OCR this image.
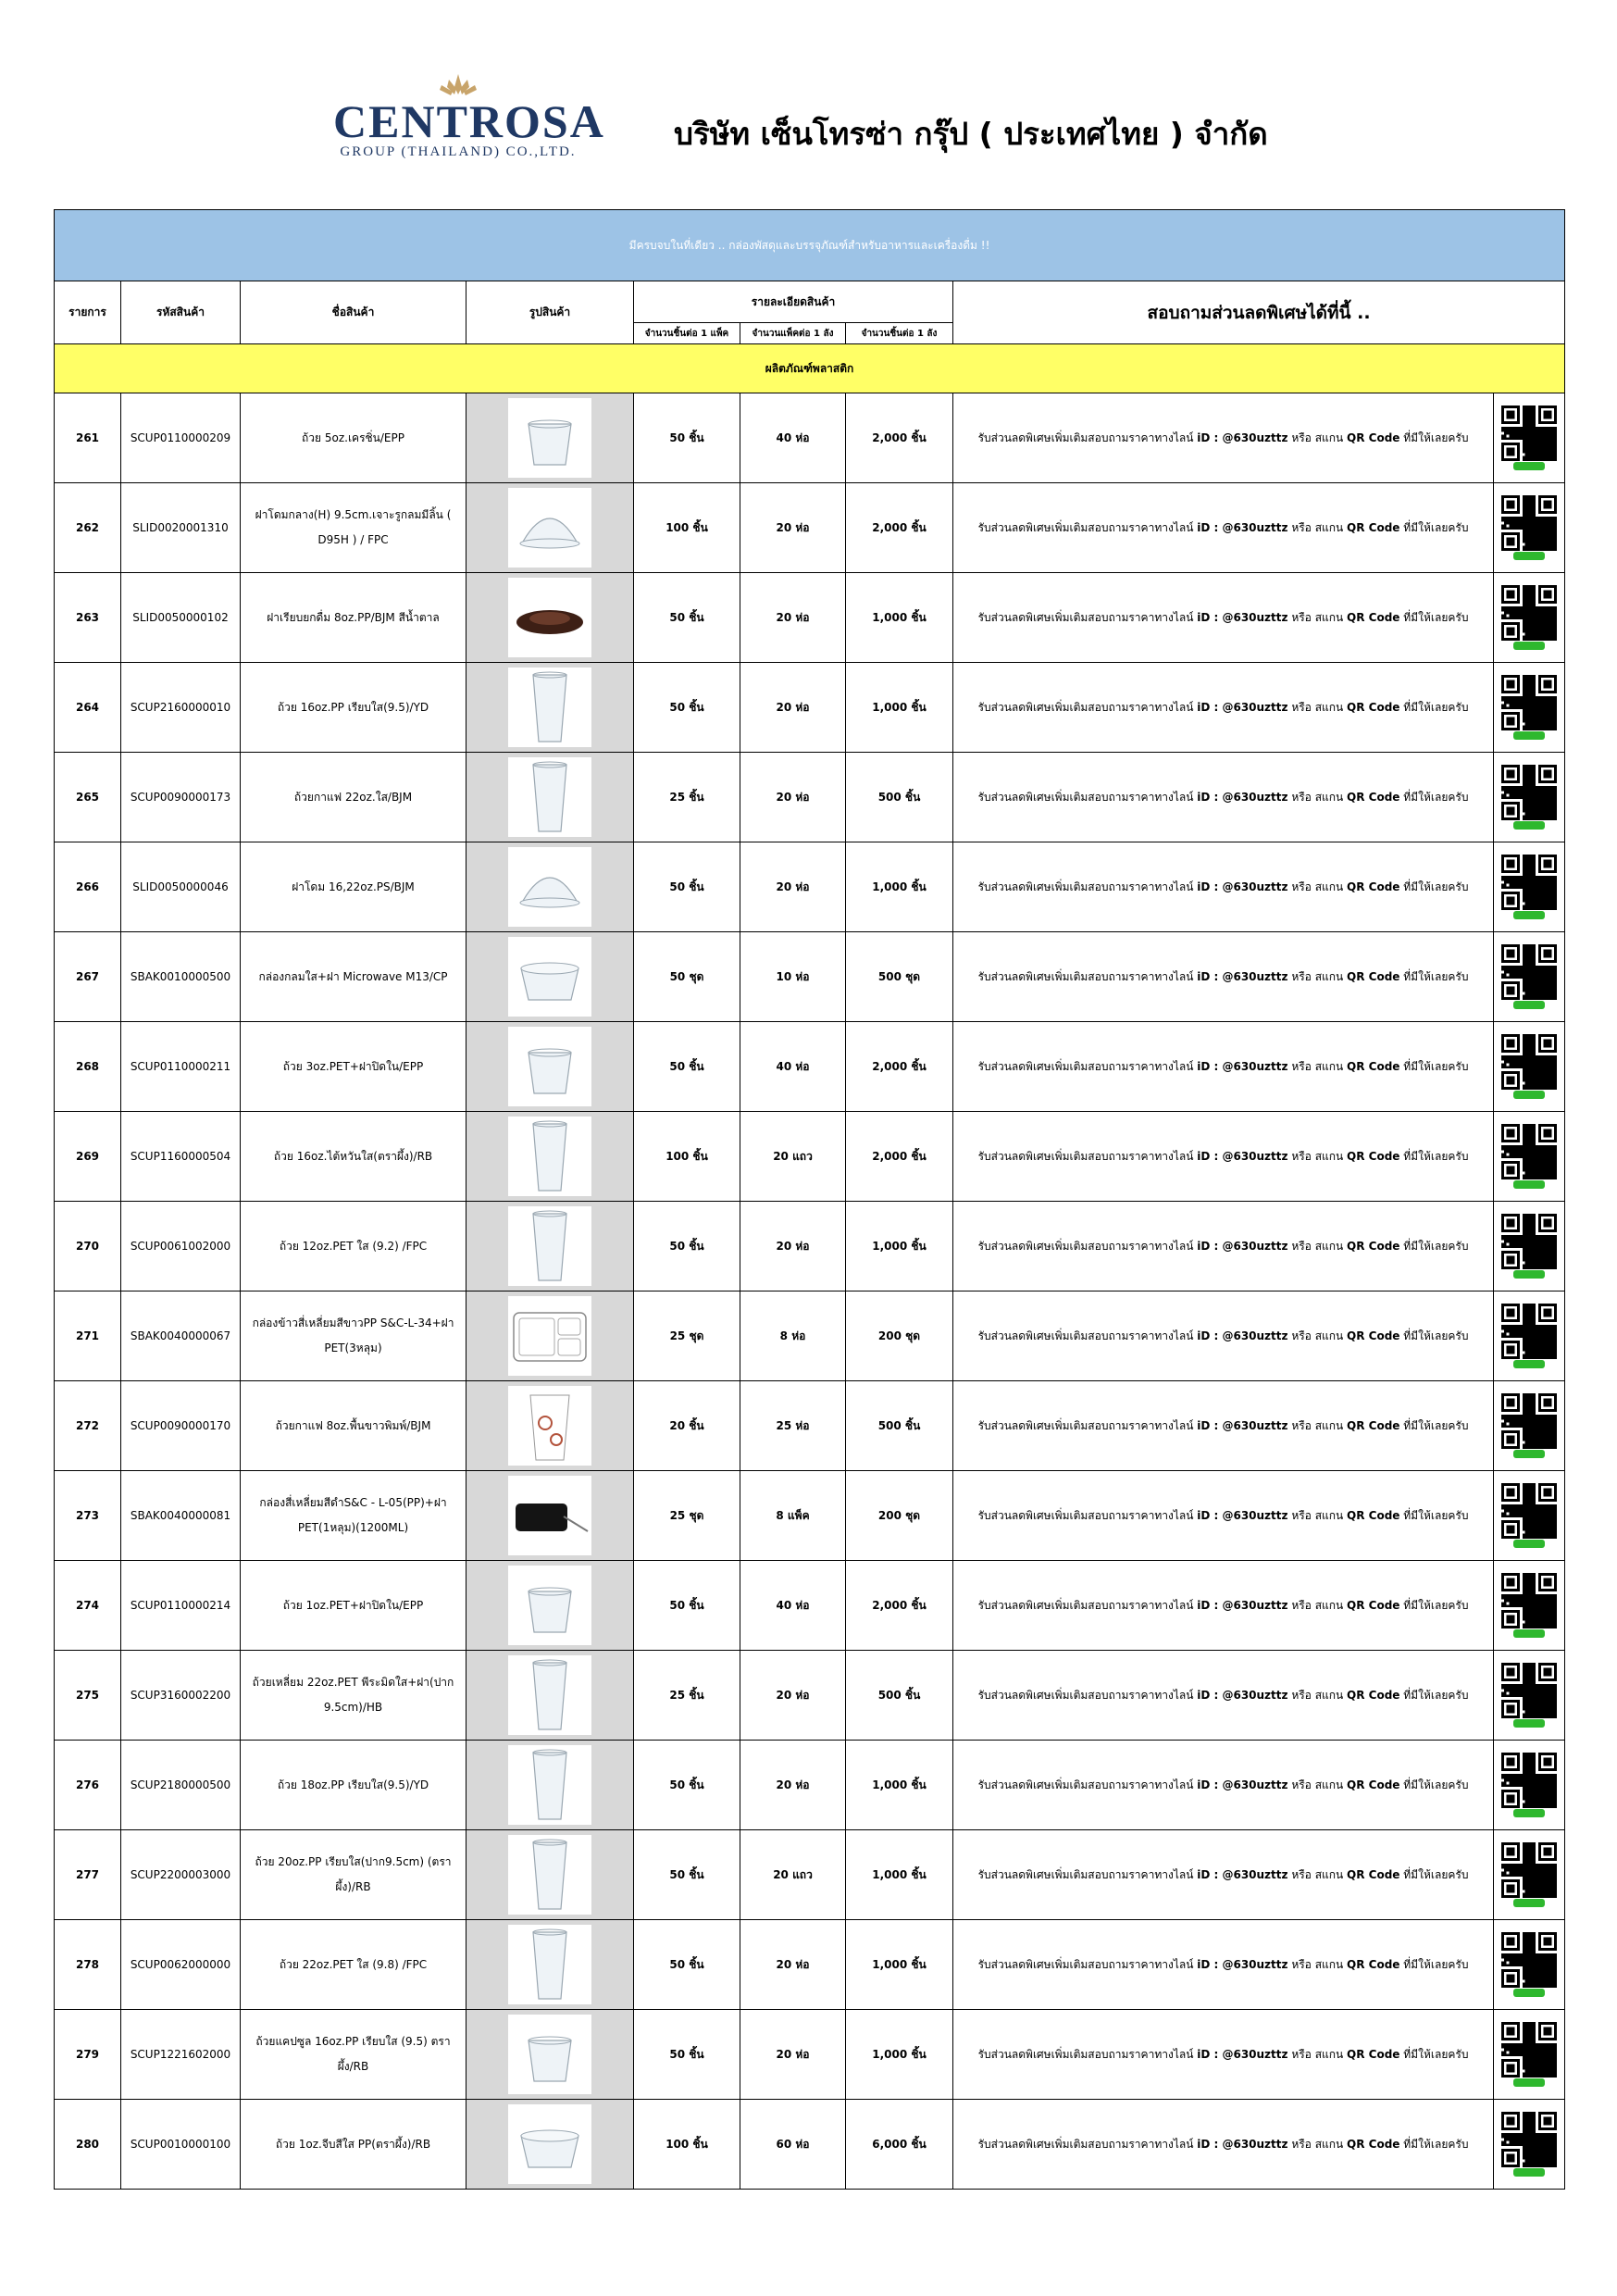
CENTROSA
GROUP (THAILAND) CO.,LTD.	บริษัท เซ็นโทรซ่า กรุ๊ป ( ประเทศไทย ) จำกัด
มีครบจบในที่เดียว .. กล่องพัสดุและบรรจุภัณฑ์สำหรับอาหารและเครื่องดื่ม !!								
รายการ	รหัสสินค้า	ชื่อสินค้า	รูปสินค้า	รายละเอียดสินค้า			สอบถามส่วนลดพิเศษได้ที่นี้ ..	
				จำนวนชิ้นต่อ 1 แพ็ค	จำนวนแพ็คต่อ 1 ลัง	จำนวนชิ้นต่อ 1 ลัง		
ผลิตภัณฑ์พลาสติก								
261	SCUP0110000209	ถ้วย 5oz.เครชิ่น/EPP		50 ชิ้น	40 ห่อ	2,000 ชิ้น	รับส่วนลดพิเศษเพิ่มเติมสอบถามราคาทางไลน์ iD : @630uzttz หรือ สแกน QR Code ที่มีให้เลยครับ	

262	SLID0020001310	ฝาโดมกลาง(H) 9.5cm.เจาะรูกลมมีลิ้น ( D95H ) / FPC		100 ชิ้น	20 ห่อ	2,000 ชิ้น	รับส่วนลดพิเศษเพิ่มเติมสอบถามราคาทางไลน์ iD : @630uzttz หรือ สแกน QR Code ที่มีให้เลยครับ	

263	SLID0050000102	ฝาเรียบยกดื่ม 8oz.PP/BJM สีน้ำตาล		50 ชิ้น	20 ห่อ	1,000 ชิ้น	รับส่วนลดพิเศษเพิ่มเติมสอบถามราคาทางไลน์ iD : @630uzttz หรือ สแกน QR Code ที่มีให้เลยครับ	

264	SCUP2160000010	ถ้วย 16oz.PP เรียบใส(9.5)/YD		50 ชิ้น	20 ห่อ	1,000 ชิ้น	รับส่วนลดพิเศษเพิ่มเติมสอบถามราคาทางไลน์ iD : @630uzttz หรือ สแกน QR Code ที่มีให้เลยครับ	

265	SCUP0090000173	ถ้วยกาแฟ 22oz.ใส/BJM		25 ชิ้น	20 ห่อ	500 ชิ้น	รับส่วนลดพิเศษเพิ่มเติมสอบถามราคาทางไลน์ iD : @630uzttz หรือ สแกน QR Code ที่มีให้เลยครับ	

266	SLID0050000046	ฝาโดม 16,22oz.PS/BJM		50 ชิ้น	20 ห่อ	1,000 ชิ้น	รับส่วนลดพิเศษเพิ่มเติมสอบถามราคาทางไลน์ iD : @630uzttz หรือ สแกน QR Code ที่มีให้เลยครับ	

267	SBAK0010000500	กล่องกลมใส+ฝา Microwave M13/CP		50 ชุด	10 ห่อ	500 ชุด	รับส่วนลดพิเศษเพิ่มเติมสอบถามราคาทางไลน์ iD : @630uzttz หรือ สแกน QR Code ที่มีให้เลยครับ	

268	SCUP0110000211	ถ้วย 3oz.PET+ฝาปิดใน/EPP		50 ชิ้น	40 ห่อ	2,000 ชิ้น	รับส่วนลดพิเศษเพิ่มเติมสอบถามราคาทางไลน์ iD : @630uzttz หรือ สแกน QR Code ที่มีให้เลยครับ	

269	SCUP1160000504	ถ้วย 16oz.ไต้หวันใส(ตราผึ้ง)/RB		100 ชิ้น	20 แถว	2,000 ชิ้น	รับส่วนลดพิเศษเพิ่มเติมสอบถามราคาทางไลน์ iD : @630uzttz หรือ สแกน QR Code ที่มีให้เลยครับ	

270	SCUP0061002000	ถ้วย 12oz.PET ใส (9.2) /FPC		50 ชิ้น	20 ห่อ	1,000 ชิ้น	รับส่วนลดพิเศษเพิ่มเติมสอบถามราคาทางไลน์ iD : @630uzttz หรือ สแกน QR Code ที่มีให้เลยครับ	

271	SBAK0040000067	กล่องข้าวสี่เหลี่ยมสีขาวPP S&C-L-34+ฝา PET(3หลุม)		25 ชุด	8 ห่อ	200 ชุด	รับส่วนลดพิเศษเพิ่มเติมสอบถามราคาทางไลน์ iD : @630uzttz หรือ สแกน QR Code ที่มีให้เลยครับ	

272	SCUP0090000170	ถ้วยกาแฟ 8oz.พื้นขาวพิมพ์/BJM		20 ชิ้น	25 ห่อ	500 ชิ้น	รับส่วนลดพิเศษเพิ่มเติมสอบถามราคาทางไลน์ iD : @630uzttz หรือ สแกน QR Code ที่มีให้เลยครับ	

273	SBAK0040000081	กล่องสี่เหลี่ยมสีดำS&C - L-05(PP)+ฝา PET(1หลุม)(1200ML)		25 ชุด	8 แพ็ค	200 ชุด	รับส่วนลดพิเศษเพิ่มเติมสอบถามราคาทางไลน์ iD : @630uzttz หรือ สแกน QR Code ที่มีให้เลยครับ	

274	SCUP0110000214	ถ้วย 1oz.PET+ฝาปิดใน/EPP		50 ชิ้น	40 ห่อ	2,000 ชิ้น	รับส่วนลดพิเศษเพิ่มเติมสอบถามราคาทางไลน์ iD : @630uzttz หรือ สแกน QR Code ที่มีให้เลยครับ	

275	SCUP3160002200	ถ้วยเหลี่ยม 22oz.PET พีระมิดใส+ฝา(ปาก 9.5cm)/HB		25 ชิ้น	20 ห่อ	500 ชิ้น	รับส่วนลดพิเศษเพิ่มเติมสอบถามราคาทางไลน์ iD : @630uzttz หรือ สแกน QR Code ที่มีให้เลยครับ	

276	SCUP2180000500	ถ้วย 18oz.PP เรียบใส(9.5)/YD		50 ชิ้น	20 ห่อ	1,000 ชิ้น	รับส่วนลดพิเศษเพิ่มเติมสอบถามราคาทางไลน์ iD : @630uzttz หรือ สแกน QR Code ที่มีให้เลยครับ	

277	SCUP2200003000	ถ้วย 20oz.PP เรียบใส(ปาก9.5cm) (ตราผึ้ง)/RB		50 ชิ้น	20 แถว	1,000 ชิ้น	รับส่วนลดพิเศษเพิ่มเติมสอบถามราคาทางไลน์ iD : @630uzttz หรือ สแกน QR Code ที่มีให้เลยครับ	

278	SCUP0062000000	ถ้วย 22oz.PET ใส (9.8) /FPC		50 ชิ้น	20 ห่อ	1,000 ชิ้น	รับส่วนลดพิเศษเพิ่มเติมสอบถามราคาทางไลน์ iD : @630uzttz หรือ สแกน QR Code ที่มีให้เลยครับ	

279	SCUP1221602000	ถ้วยแคปซูล 16oz.PP เรียบใส (9.5) ตรา ผึ้ง/RB		50 ชิ้น	20 ห่อ	1,000 ชิ้น	รับส่วนลดพิเศษเพิ่มเติมสอบถามราคาทางไลน์ iD : @630uzttz หรือ สแกน QR Code ที่มีให้เลยครับ	

280	SCUP0010000100	ถ้วย 1oz.จีบสีใส PP(ตราผึ้ง)/RB		100 ชิ้น	60 ห่อ	6,000 ชิ้น	รับส่วนลดพิเศษเพิ่มเติมสอบถามราคาทางไลน์ iD : @630uzttz หรือ สแกน QR Code ที่มีให้เลยครับ	
